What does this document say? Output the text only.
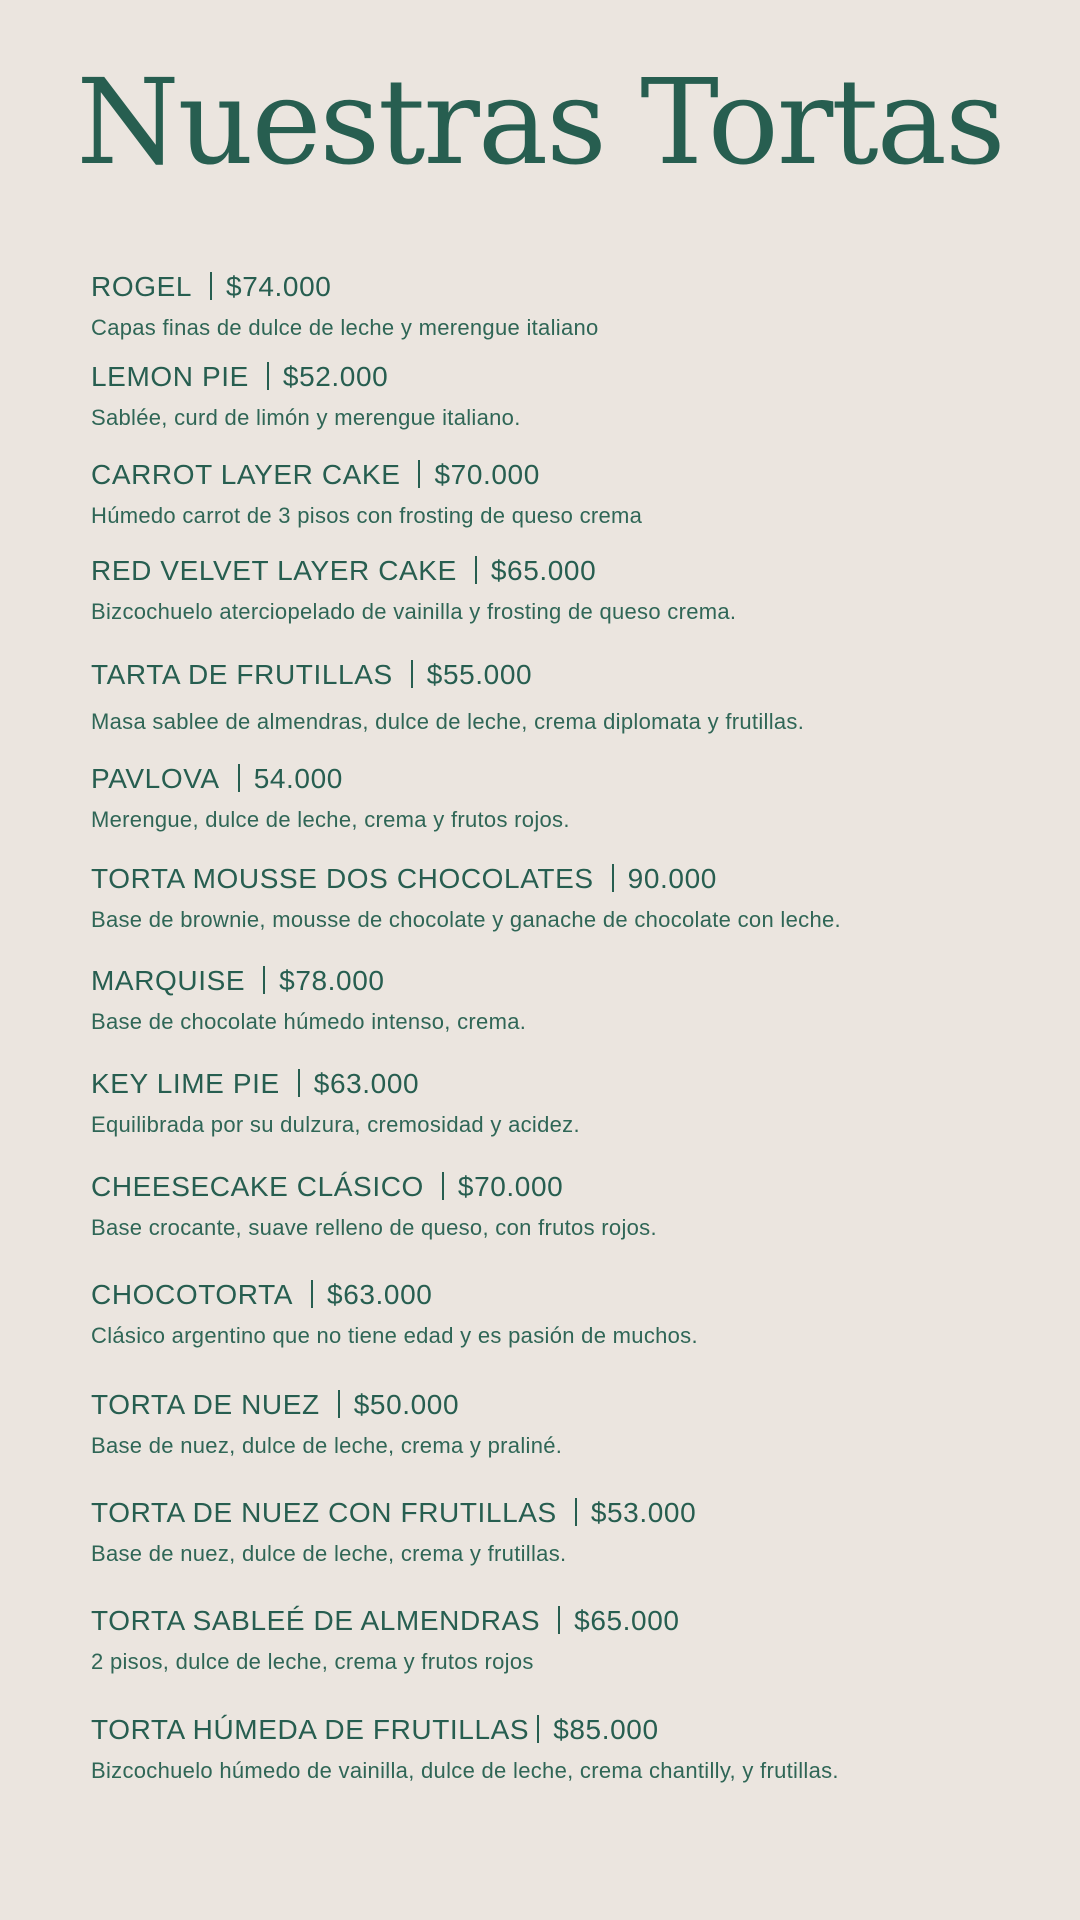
Nuestras Tortas
ROGEL $74.000
Capas finas de dulce de leche y merengue italiano
LEMON PIE $52.000
Sablée, curd de limón y merengue italiano.
CARROT LAYER CAKE $70.000
Húmedo carrot de 3 pisos con frosting de queso crema
RED VELVET LAYER CAKE $65.000
Bizcochuelo aterciopelado de vainilla y frosting de queso crema.
TARTA DE FRUTILLAS $55.000
Masa sablee de almendras, dulce de leche, crema diplomata y frutillas.
PAVLOVA 54.000
Merengue, dulce de leche, crema y frutos rojos.
TORTA MOUSSE DOS CHOCOLATES 90.000
Base de brownie, mousse de chocolate y ganache de chocolate con leche.
MARQUISE $78.000
Base de chocolate húmedo intenso, crema.
KEY LIME PIE $63.000
Equilibrada por su dulzura, cremosidad y acidez.
CHEESECAKE CLÁSICO $70.000
Base crocante, suave relleno de queso, con frutos rojos.
CHOCOTORTA $63.000
Clásico argentino que no tiene edad y es pasión de muchos.
TORTA DE NUEZ $50.000
Base de nuez, dulce de leche, crema y praliné.
TORTA DE NUEZ CON FRUTILLAS $53.000
Base de nuez, dulce de leche, crema y frutillas.
TORTA SABLEÉ DE ALMENDRAS $65.000
2 pisos, dulce de leche, crema y frutos rojos
TORTA HÚMEDA DE FRUTILLAS $85.000
Bizcochuelo húmedo de vainilla, dulce de leche, crema chantilly, y frutillas.
